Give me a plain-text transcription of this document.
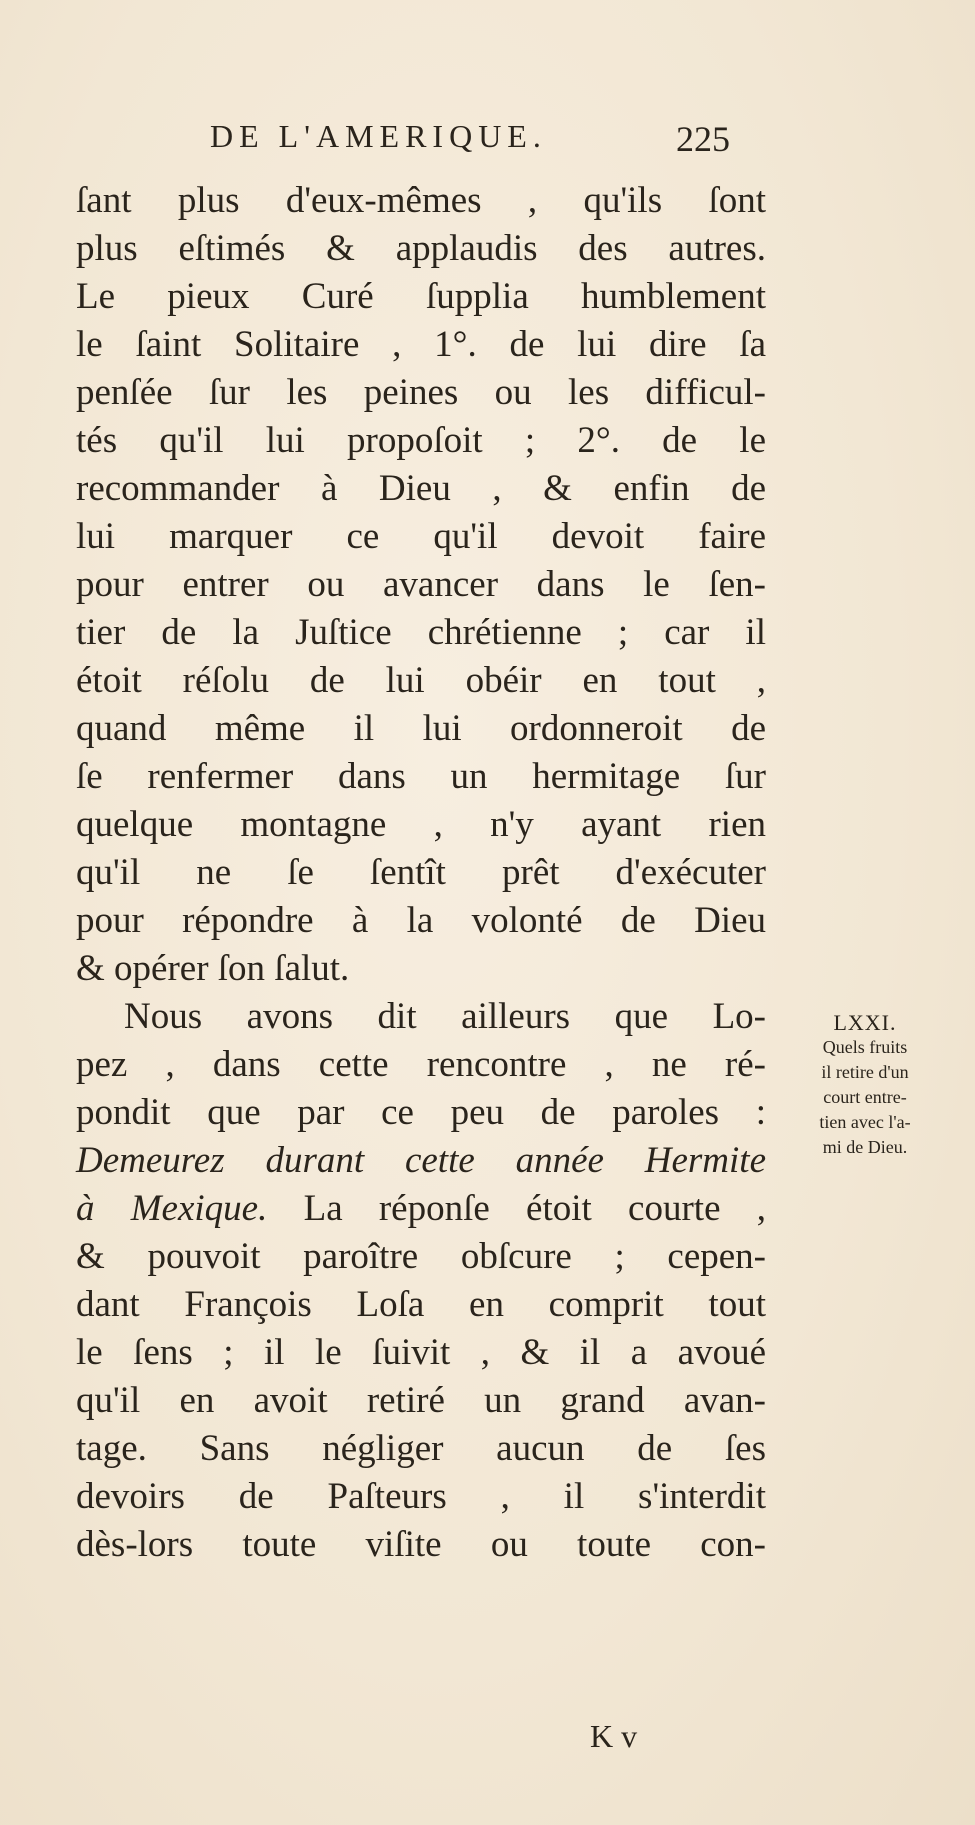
DE L'AMERIQUE.	225
ſant plus d'eux-mêmes , qu'ils ſont
plus eſtimés & applaudis des autres.
Le pieux Curé ſupplia humblement
le ſaint Solitaire , 1°. de lui dire ſa
penſée ſur les peines ou les difficul-
tés qu'il lui propoſoit ; 2°. de le
recommander à Dieu , & enfin de
lui marquer ce qu'il devoit faire
pour entrer ou avancer dans le ſen-
tier de la Juſtice chrétienne ; car il
étoit réſolu de lui obéir en tout ,
quand même il lui ordonneroit de
ſe renfermer dans un hermitage ſur
quelque montagne , n'y ayant rien
qu'il ne ſe ſentît prêt d'exécuter
pour répondre à la volonté de Dieu
& opérer ſon ſalut.
Nous avons dit ailleurs que Lo-
pez , dans cette rencontre , ne ré-
pondit que par ce peu de paroles :
Demeurez durant cette année Hermite
à Mexique. La réponſe étoit courte ,
& pouvoit paroître obſcure ; cepen-
dant François Loſa en comprit tout
le ſens ; il le ſuivit , & il a avoué
qu'il en avoit retiré un grand avan-
tage. Sans négliger aucun de ſes
devoirs de Paſteurs , il s'interdit
dès-lors toute viſite ou toute con-
LXXI.
Quels fruits
il retire d'un
court entre-
tien avec l'a-
mi de Dieu.
K v
